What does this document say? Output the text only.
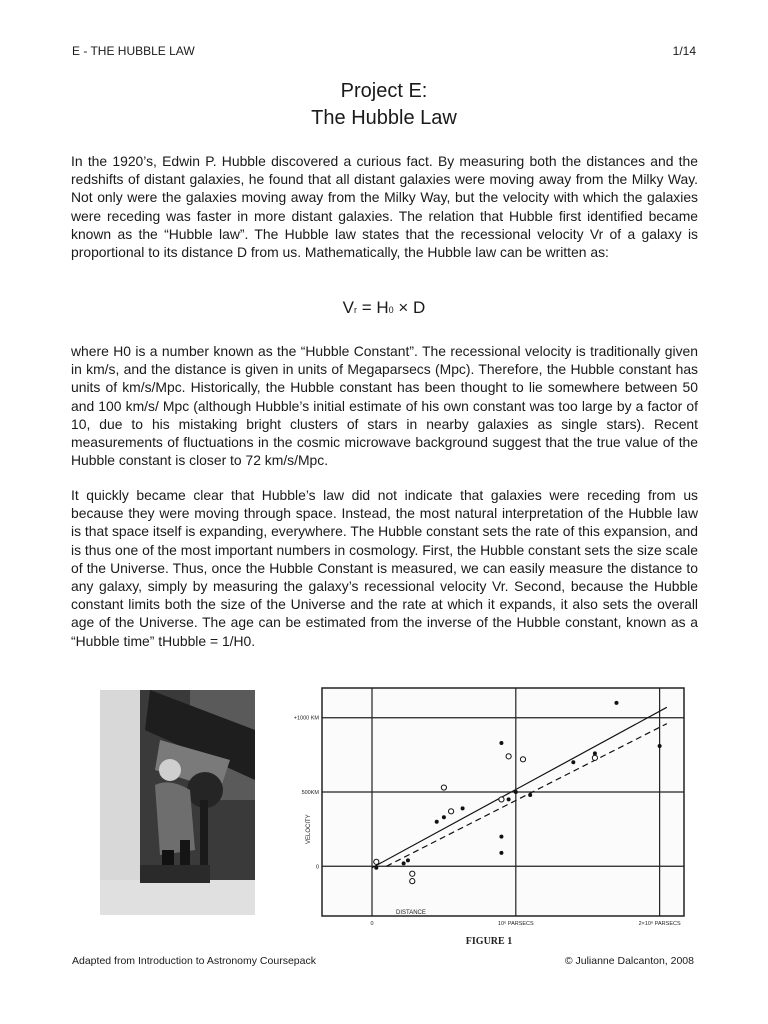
E - THE HUBBLE LAW	1/14
Project E:
The Hubble Law

In the 1920’s, Edwin P. Hubble discovered a curious fact. By measuring both the distances and the redshifts of distant galaxies, he found that all distant galaxies were moving away from the Milky Way. Not only were the galaxies moving away from the Milky Way, but the velocity with which the galaxies were receding was faster in more distant galaxies. The relation that Hubble first identified became known as the “Hubble law”. The Hubble law states that the recessional velocity Vr of a galaxy is proportional to its distance D from us. Mathematically, the Hubble law can be written as:

Vr = H0 × D

where H0 is a number known as the “Hubble Constant”. The recessional velocity is traditionally given in km/s, and the distance is given in units of Megaparsecs (Mpc). Therefore, the Hubble constant has units of km/s/Mpc. Historically, the Hubble constant has been thought to lie somewhere between 50 and 100 km/s/ Mpc (although Hubble’s initial estimate of his own constant was too large by a factor of 10, due to his mistaking bright clusters of stars in nearby galaxies as single stars). Recent measurements of fluctuations in the cosmic microwave background suggest that the true value of the Hubble constant is closer to 72 km/s/Mpc.

It quickly became clear that Hubble’s law did not indicate that galaxies were receding from us because they were moving through space. Instead, the most natural interpretation of the Hubble law is that space itself is expanding, everywhere. The Hubble constant sets the rate of this expansion, and is thus one of the most important numbers in cosmology. First, the Hubble constant sets the size scale of the Universe. Thus, once the Hubble Constant is measured, we can easily measure the distance to any galaxy, simply by measuring the galaxy’s recessional velocity Vr. Second, because the Hubble constant limits both the size of the Universe and the rate at which it expands, it also sets the overall age of the Universe. The age can be estimated from the inverse of the Hubble constant, known as a “Hubble time” tHubble = 1/H0.

0
500KM
+1000 KM
0	10⁶ PARSECS	2×10⁶ PARSECS
VELOCITY
DISTANCE
FIGURE 1
Adapted from Introduction to Astronomy Coursepack	© Julianne Dalcanton, 2008
